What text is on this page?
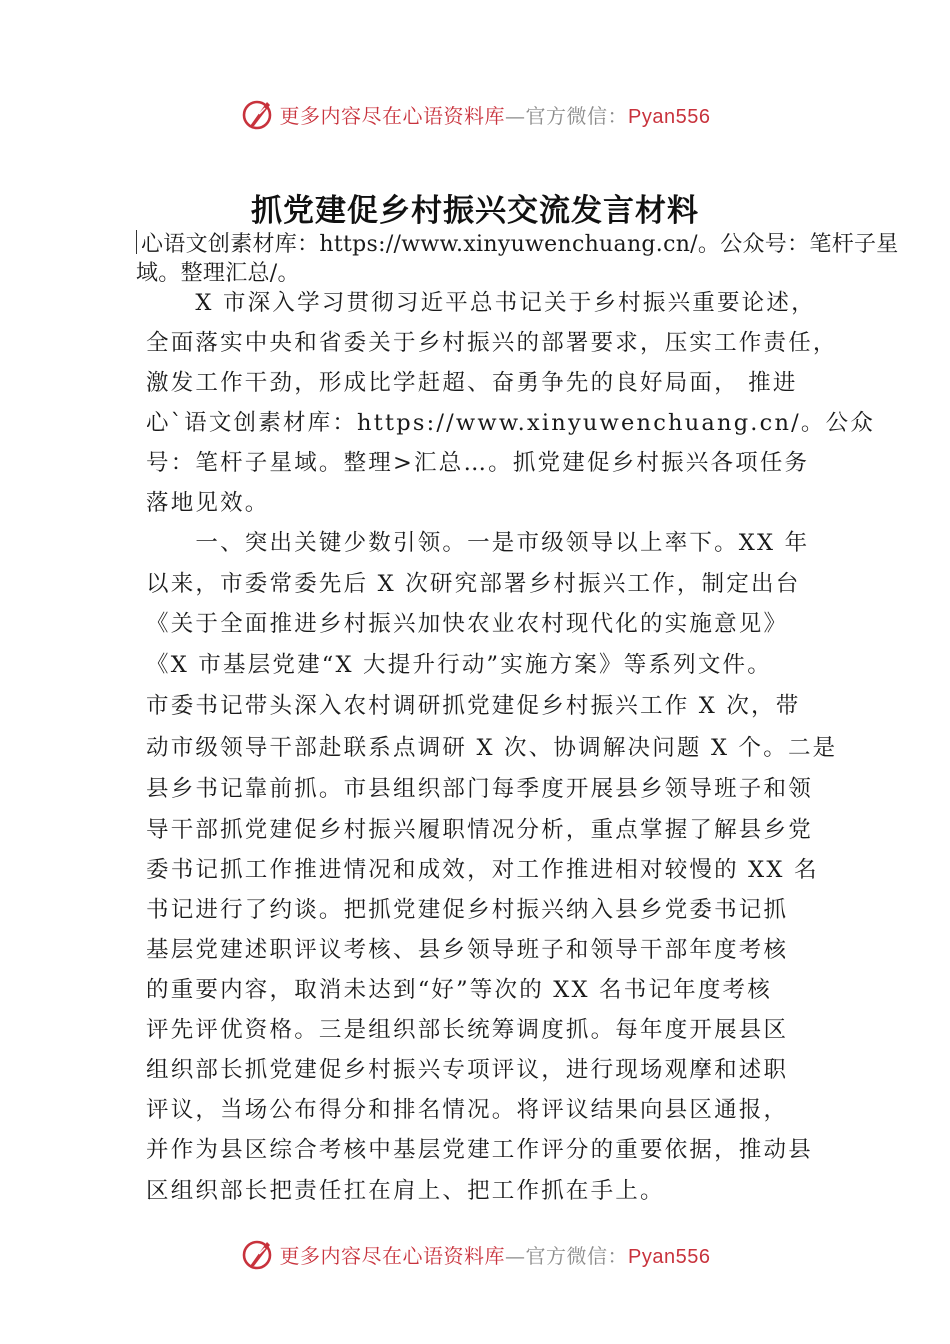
更多内容尽在心语资料库—官方微信：Pyan556
抓党建促乡村振兴交流发言材料
心语文创素材库：https://www.xinyuwenchuang.cn/。公众号：笔杆子星域。整理汇总/。
　　X 市深入学习贯彻习近平总书记关于乡村振兴重要论述，
全面落实中央和省委关于乡村振兴的部署要求，压实工作责任，
激发工作干劲，形成比学赶超、奋勇争先的良好局面， 推进
心`语文创素材库：https://www.xinyuwenchuang.cn/。公众
号：笔杆子星域。整理>汇总…。抓党建促乡村振兴各项任务
落地见效。
　　一、突出关键少数引领。一是市级领导以上率下。XX 年
以来，市委常委先后 X 次研究部署乡村振兴工作，制定出台
《关于全面推进乡村振兴加快农业农村现代化的实施意见》
《X 市基层党建“X 大提升行动”实施方案》等系列文件。
市委书记带头深入农村调研抓党建促乡村振兴工作 X 次，带
动市级领导干部赴联系点调研 X 次、协调解决问题 X 个。二是
县乡书记靠前抓。市县组织部门每季度开展县乡领导班子和领
导干部抓党建促乡村振兴履职情况分析，重点掌握了解县乡党
委书记抓工作推进情况和成效，对工作推进相对较慢的 XX 名
书记进行了约谈。把抓党建促乡村振兴纳入县乡党委书记抓
基层党建述职评议考核、县乡领导班子和领导干部年度考核
的重要内容，取消未达到“好”等次的 XX 名书记年度考核
评先评优资格。三是组织部长统筹调度抓。每年度开展县区
组织部长抓党建促乡村振兴专项评议，进行现场观摩和述职
评议，当场公布得分和排名情况。将评议结果向县区通报，
并作为县区综合考核中基层党建工作评分的重要依据，推动县
区组织部长把责任扛在肩上、把工作抓在手上。
更多内容尽在心语资料库—官方微信：Pyan556
